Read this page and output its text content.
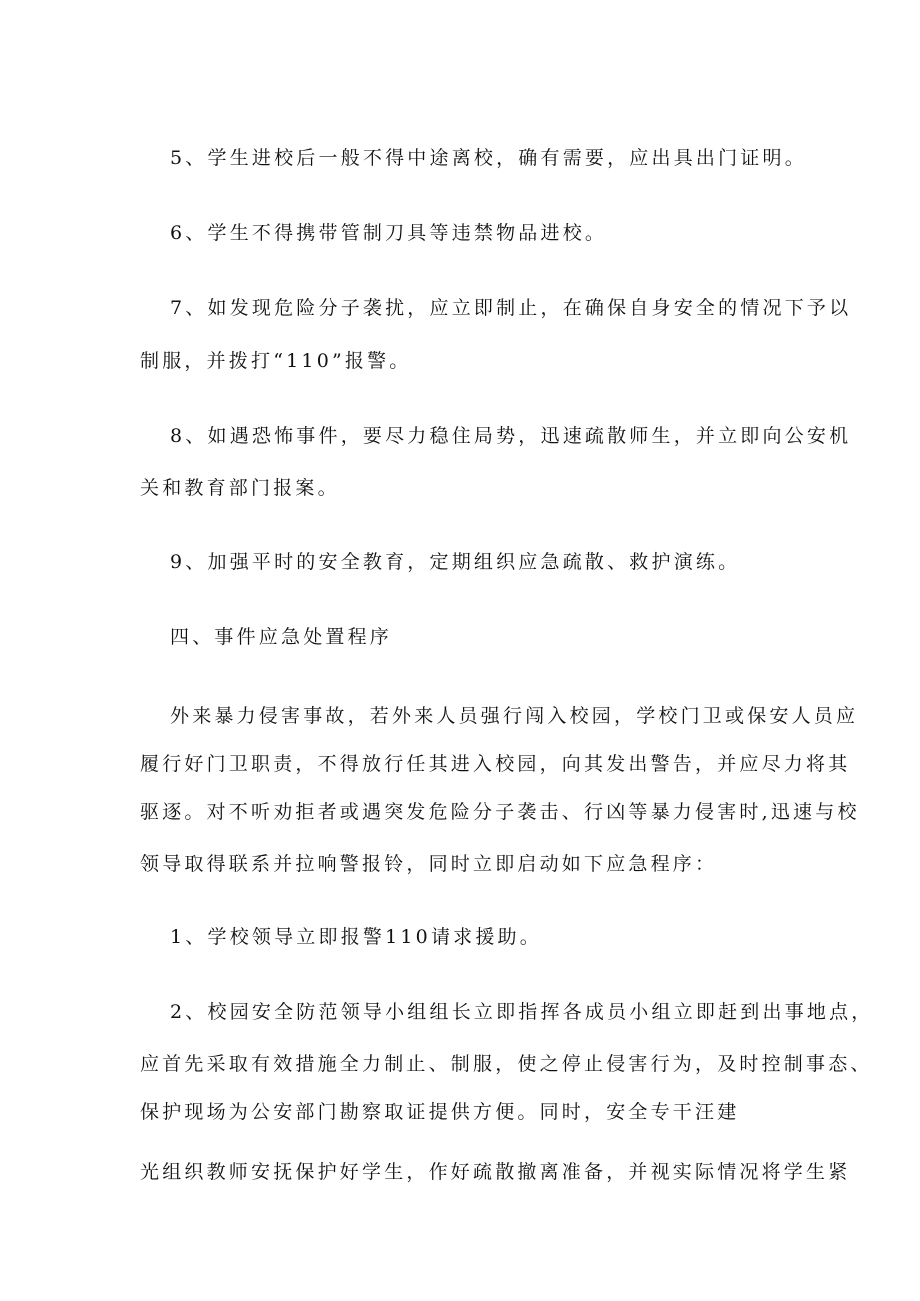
5、学生进校后一般不得中途离校，确有需要，应出具出门证明。
6、学生不得携带管制刀具等违禁物品进校。
7、如发现危险分子袭扰，应立即制止，在确保自身安全的情况下予以
制服，并拨打“110”报警。
8、如遇恐怖事件，要尽力稳住局势，迅速疏散师生，并立即向公安机
关和教育部门报案。
9、加强平时的安全教育，定期组织应急疏散、救护演练。
四、事件应急处置程序
外来暴力侵害事故，若外来人员强行闯入校园，学校门卫或保安人员应
履行好门卫职责，不得放行任其进入校园，向其发出警告，并应尽力将其
驱逐。对不听劝拒者或遇突发危险分子袭击、行凶等暴力侵害时,迅速与校
领导取得联系并拉响警报铃，同时立即启动如下应急程序：
1、学校领导立即报警110请求援助。
2、校园安全防范领导小组组长立即指挥各成员小组立即赶到出事地点，
应首先采取有效措施全力制止、制服，使之停止侵害行为，及时控制事态、
保护现场为公安部门勘察取证提供方便。同时，安全专干汪建
光组织教师安抚保护好学生，作好疏散撤离准备，并视实际情况将学生紧
